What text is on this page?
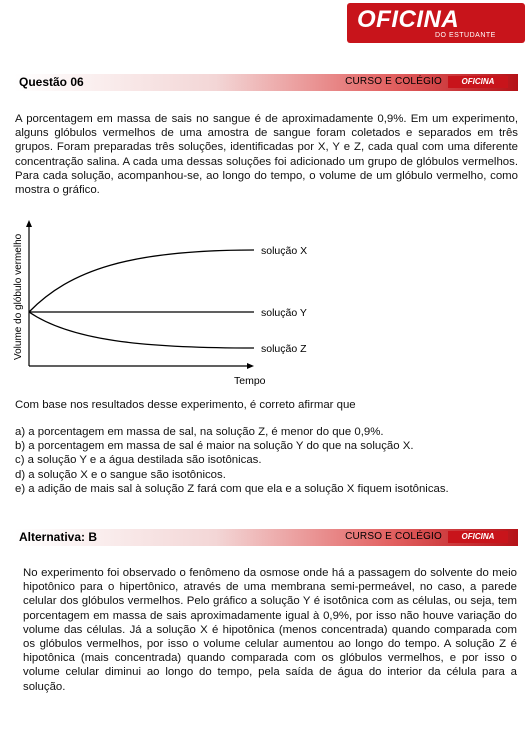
OFICINA
DO ESTUDANTE
Questão 06	CURSO E COLÉGIO	OFICINA
A porcentagem em massa de sais no sangue é de aproximadamente 0,9%. Em um experimento, alguns glóbulos vermelhos de uma amostra de sangue foram coletados e separados em três grupos. Foram preparadas três soluções, identificadas por X, Y e Z, cada qual com uma diferente concentração salina. A cada uma dessas soluções foi adicionado um grupo de glóbulos vermelhos. Para cada solução, acompanhou-se, ao longo do tempo, o volume de um glóbulo vermelho, como mostra o gráfico.
Volume do glóbulo vermelho
Tempo
solução X
solução Y
solução Z
Com base nos resultados desse experimento, é correto afirmar que
a) a porcentagem em massa de sal, na solução Z, é menor do que 0,9%.
b) a porcentagem em massa de sal é maior na solução Y do que na solução X.
c) a solução Y e a água destilada são isotônicas.
d) a solução X e o sangue são isotônicos.
e) a adição de mais sal à solução Z fará com que ela e a solução X fiquem isotônicas.
Alternativa: B	CURSO E COLÉGIO	OFICINA
No experimento foi observado o fenômeno da osmose onde há a passagem do solvente do meio hipotônico para o hipertônico, através de uma membrana semi-permeável, no caso, a parede celular dos glóbulos vermelhos. Pelo gráfico a solução Y é isotônica com as células, ou seja, tem porcentagem em massa de sais aproximadamente igual à 0,9%, por isso não houve variação do volume das células. Já a solução X é hipotônica (menos concentrada) quando comparada com os glóbulos vermelhos, por isso o volume celular aumentou ao longo do tempo. A solução Z é hipotônica (mais concentrada) quando comparada com os glóbulos vermelhos, e por isso o volume celular diminui ao longo do tempo, pela saída de água do interior da célula para a solução.
